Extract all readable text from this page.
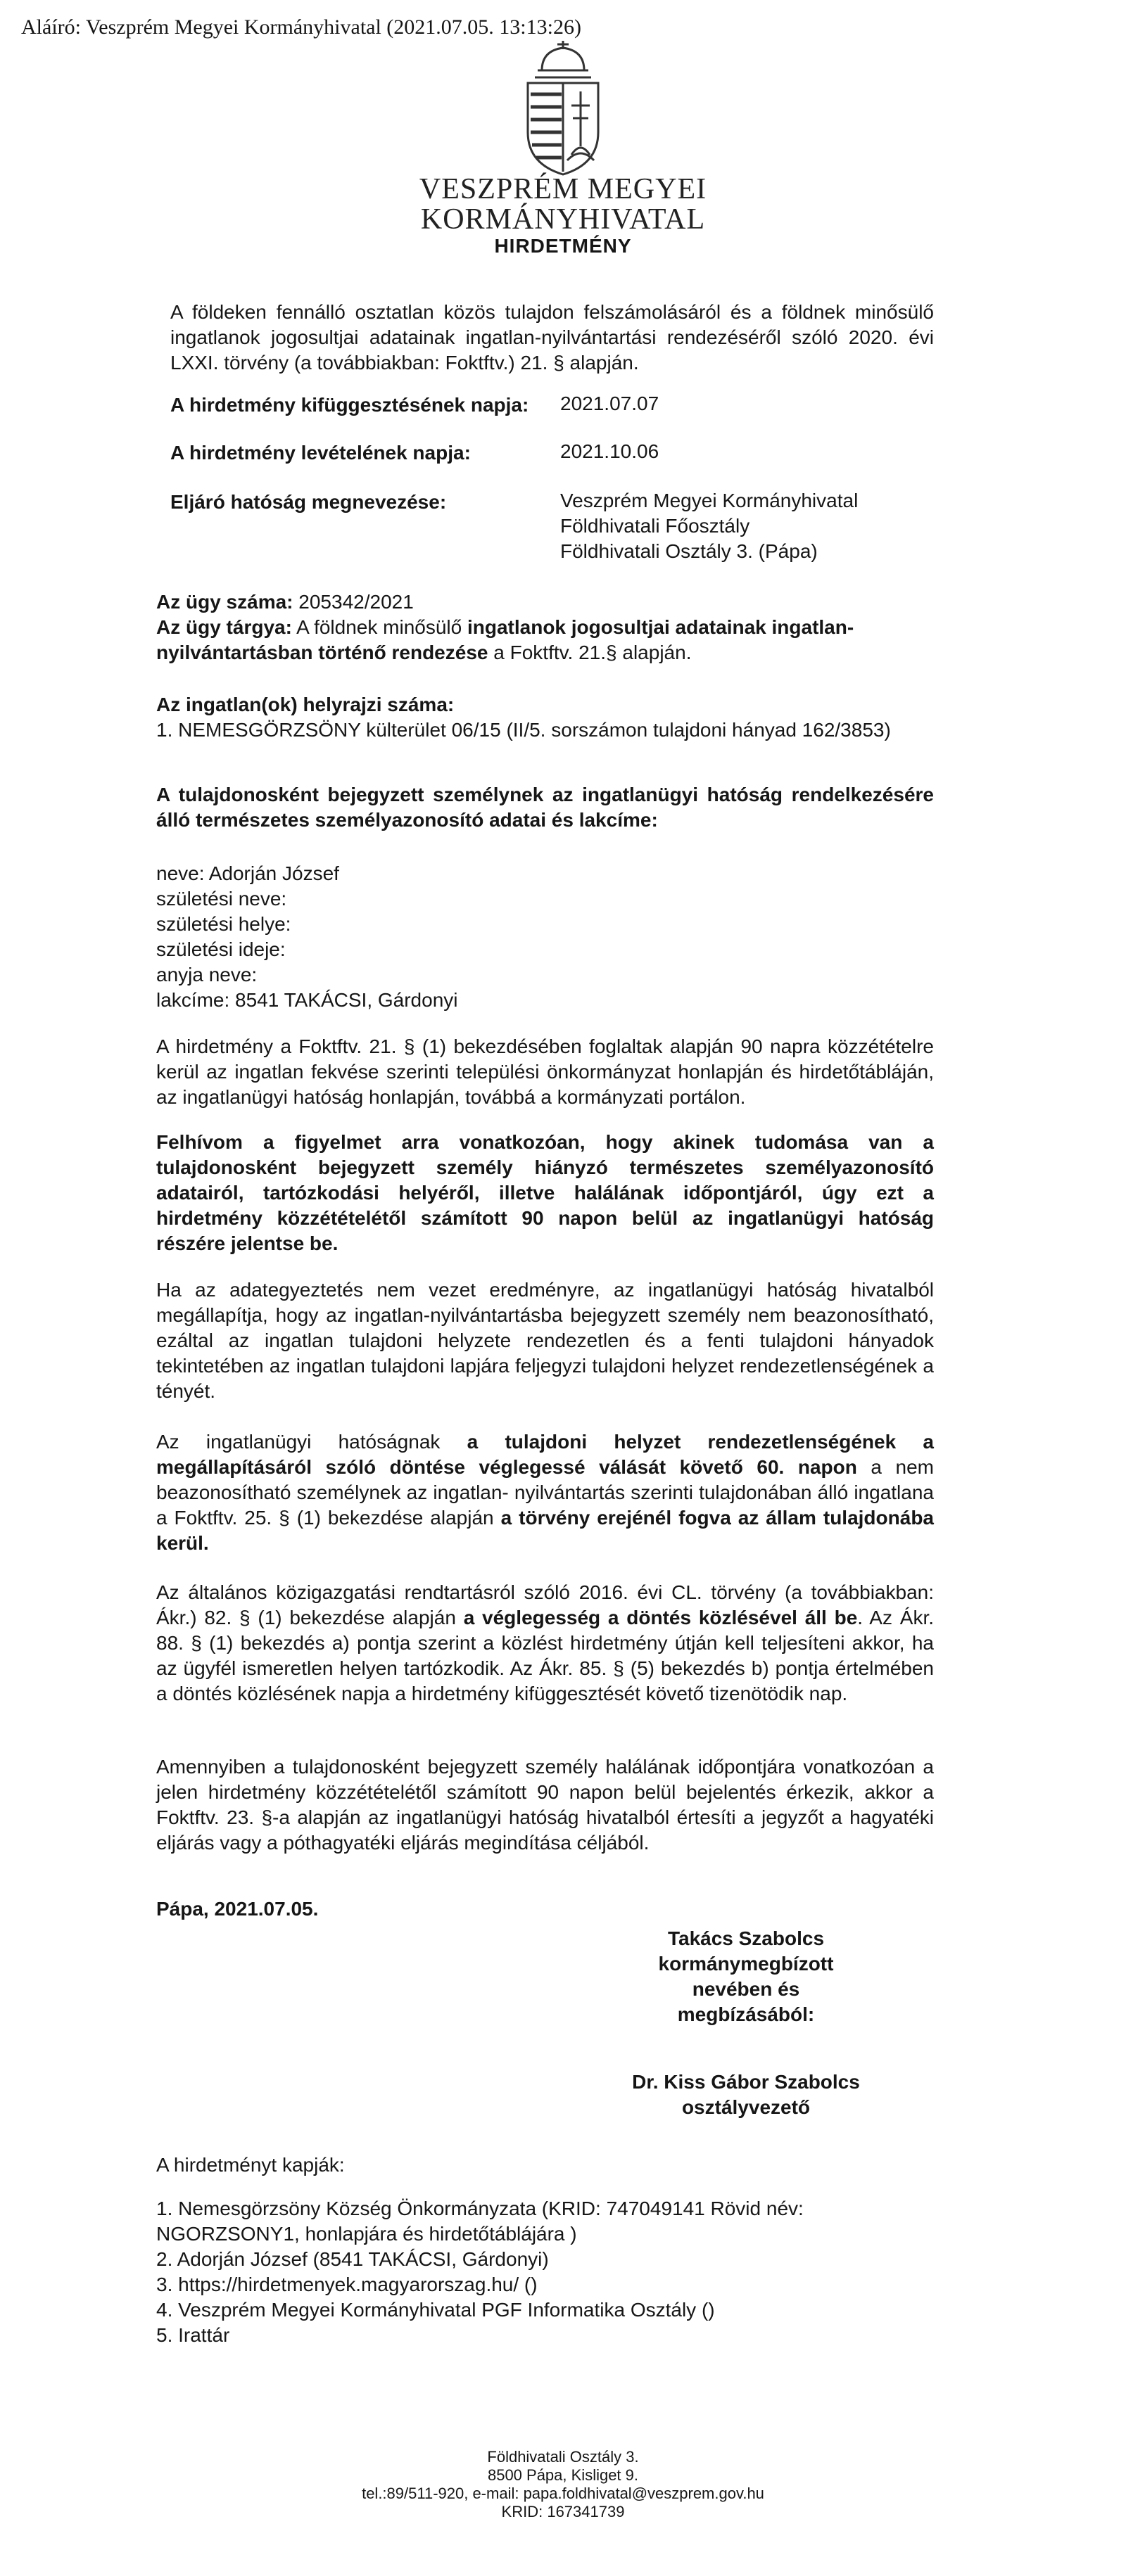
Aláíró: Veszprém Megyei Kormányhivatal (2021.07.05. 13:13:26)
VESZPRÉM MEGYEI
KORMÁNYHIVATAL
HIRDETMÉNY
A földeken fennálló osztatlan közös tulajdon felszámolásáról és a földnek minősülő ingatlanok jogosultjai adatainak ingatlan-nyilvántartási rendezéséről szóló 2020. évi LXXI. törvény (a továbbiakban: Foktftv.) 21. § alapján.
A hirdetmény kifüggesztésének napja: 2021.07.07
A hirdetmény levételének napja:	2021.10.06
Eljáró hatóság megnevezése:	Veszprém Megyei Kormányhivatal
Földhivatali Főosztály
Földhivatali Osztály 3. (Pápa)
Az ügy száma: 205342/2021
Az ügy tárgya: A földnek minősülő ingatlanok jogosultjai adatainak ingatlan-nyilvántartásban történő rendezése a Foktftv. 21.§ alapján.
Az ingatlan(ok) helyrajzi száma:
1. NEMESGÖRZSÖNY külterület 06/15 (II/5. sorszámon tulajdoni hányad 162/3853)
A tulajdonosként bejegyzett személynek az ingatlanügyi hatóság rendelkezésére álló természetes személyazonosító adatai és lakcíme:
neve: Adorján József
születési neve:
születési helye:
születési ideje:
anyja neve:
lakcíme: 8541 TAKÁCSI, Gárdonyi
A hirdetmény a Foktftv. 21. § (1) bekezdésében foglaltak alapján 90 napra közzétételre kerül az ingatlan fekvése szerinti települési önkormányzat honlapján és hirdetőtábláján, az ingatlanügyi hatóság honlapján, továbbá a kormányzati portálon.
Felhívom a figyelmet arra vonatkozóan, hogy akinek tudomása van a tulajdonosként bejegyzett személy hiányzó természetes személyazonosító adatairól, tartózkodási helyéről, illetve halálának időpontjáról, úgy ezt a hirdetmény közzétételétől számított 90 napon belül az ingatlanügyi hatóság részére jelentse be.
Ha az adategyeztetés nem vezet eredményre, az ingatlanügyi hatóság hivatalból megállapítja, hogy az ingatlan-nyilvántartásba bejegyzett személy nem beazonosítható, ezáltal az ingatlan tulajdoni helyzete rendezetlen és a fenti tulajdoni hányadok tekintetében az ingatlan tulajdoni lapjára feljegyzi tulajdoni helyzet rendezetlenségének a tényét.
Az ingatlanügyi hatóságnak a tulajdoni helyzet rendezetlenségének a megállapításáról szóló döntése véglegessé válását követő 60. napon a nem beazonosítható személynek az ingatlan- nyilvántartás szerinti tulajdonában álló ingatlana a Foktftv. 25. § (1) bekezdése alapján a törvény erejénél fogva az állam tulajdonába kerül.
Az általános közigazgatási rendtartásról szóló 2016. évi CL. törvény (a továbbiakban: Ákr.) 82. § (1) bekezdése alapján a véglegesség a döntés közlésével áll be. Az Ákr. 88. § (1) bekezdés a) pontja szerint a közlést hirdetmény útján kell teljesíteni akkor, ha az ügyfél ismeretlen helyen tartózkodik. Az Ákr. 85. § (5) bekezdés b) pontja értelmében a döntés közlésének napja a hirdetmény kifüggesztését követő tizenötödik nap.
Amennyiben a tulajdonosként bejegyzett személy halálának időpontjára vonatkozóan a jelen hirdetmény közzétételétől számított 90 napon belül bejelentés érkezik, akkor a Foktftv. 23. §-a alapján az ingatlanügyi hatóság hivatalból értesíti a jegyzőt a hagyatéki eljárás vagy a póthagyatéki eljárás megindítása céljából.
Pápa, 2021.07.05.
Takács Szabolcs
kormánymegbízott
nevében és
megbízásából:
Dr. Kiss Gábor Szabolcs
osztályvezető
A hirdetményt kapják:
1. Nemesgörzsöny Község Önkormányzata (KRID: 747049141 Rövid név:
NGORZSONY1, honlapjára és hirdetőtáblájára )
2. Adorján József (8541 TAKÁCSI, Gárdonyi)
3. https://hirdetmenyek.magyarorszag.hu/ ()
4. Veszprém Megyei Kormányhivatal PGF Informatika Osztály ()
5. Irattár
Földhivatali Osztály 3.
8500 Pápa, Kisliget 9.
tel.:89/511-920, e-mail: papa.foldhivatal@veszprem.gov.hu
KRID: 167341739
